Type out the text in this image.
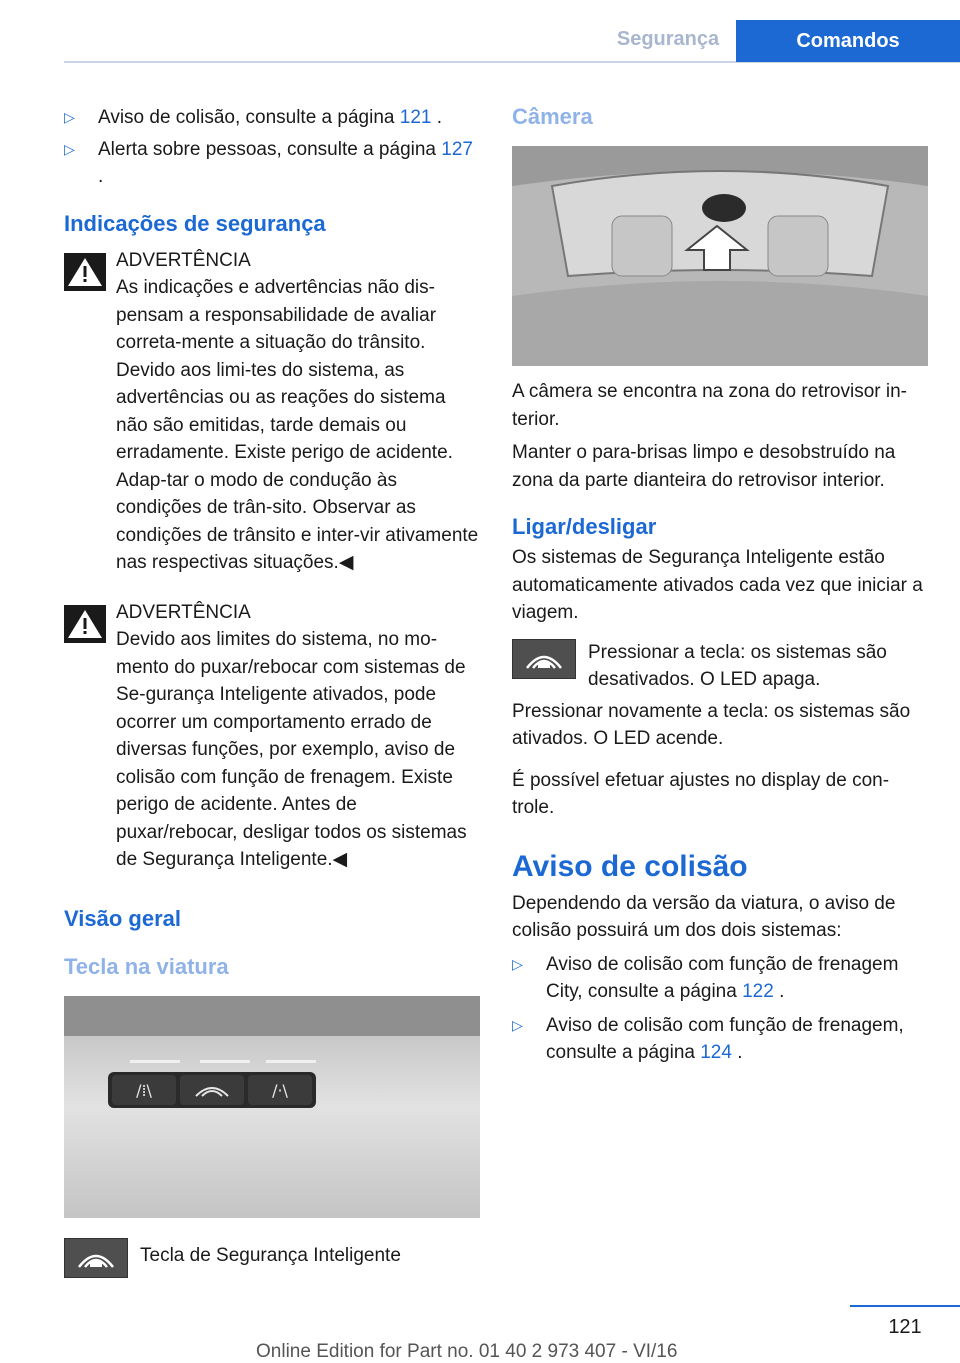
Segurança	Comandos
▷ Aviso de colisão, consulte a página 121 .

▷ Alerta sobre pessoas, consulte a página 127 .

Indicações de segurança

ADVERTÊNCIA

As indicações e advertências não dis-pensam a responsabilidade de avaliar correta-mente a situação do trânsito. Devido aos limi-tes do sistema, as advertências ou as reações do sistema não são emitidas, tarde demais ou erradamente. Existe perigo de acidente. Adap-tar o modo de condução às condições de trân-sito. Observar as condições de trânsito e inter-vir ativamente nas respectivas situações.◀

ADVERTÊNCIA

Devido aos limites do sistema, no mo-mento do puxar/rebocar com sistemas de Se-gurança Inteligente ativados, pode ocorrer um comportamento errado de diversas funções, por exemplo, aviso de colisão com função de frenagem. Existe perigo de acidente. Antes de puxar/rebocar, desligar todos os sistemas de Segurança Inteligente.◀

Visão geral
Tecla na viatura
/⁞\	/·\

Tecla de Segurança Inteligente

Câmera

A câmera se encontra na zona do retrovisor in-terior.

Manter o para-brisas limpo e desobstruído na zona da parte dianteira do retrovisor interior.

Ligar/desligar

Os sistemas de Segurança Inteligente estão automaticamente ativados cada vez que iniciar a viagem.

Pressionar a tecla: os sistemas são desativados. O LED apaga.

Pressionar novamente a tecla: os sistemas são ativados. O LED acende.

É possível efetuar ajustes no display de con-trole.

Aviso de colisão

Dependendo da versão da viatura, o aviso de colisão possuirá um dos dois sistemas:

▷ Aviso de colisão com função de frenagem City, consulte a página 122 .

▷ Aviso de colisão com função de frenagem, consulte a página 124 .

121
Online Edition for Part no. 01 40 2 973 407 - VI/16
